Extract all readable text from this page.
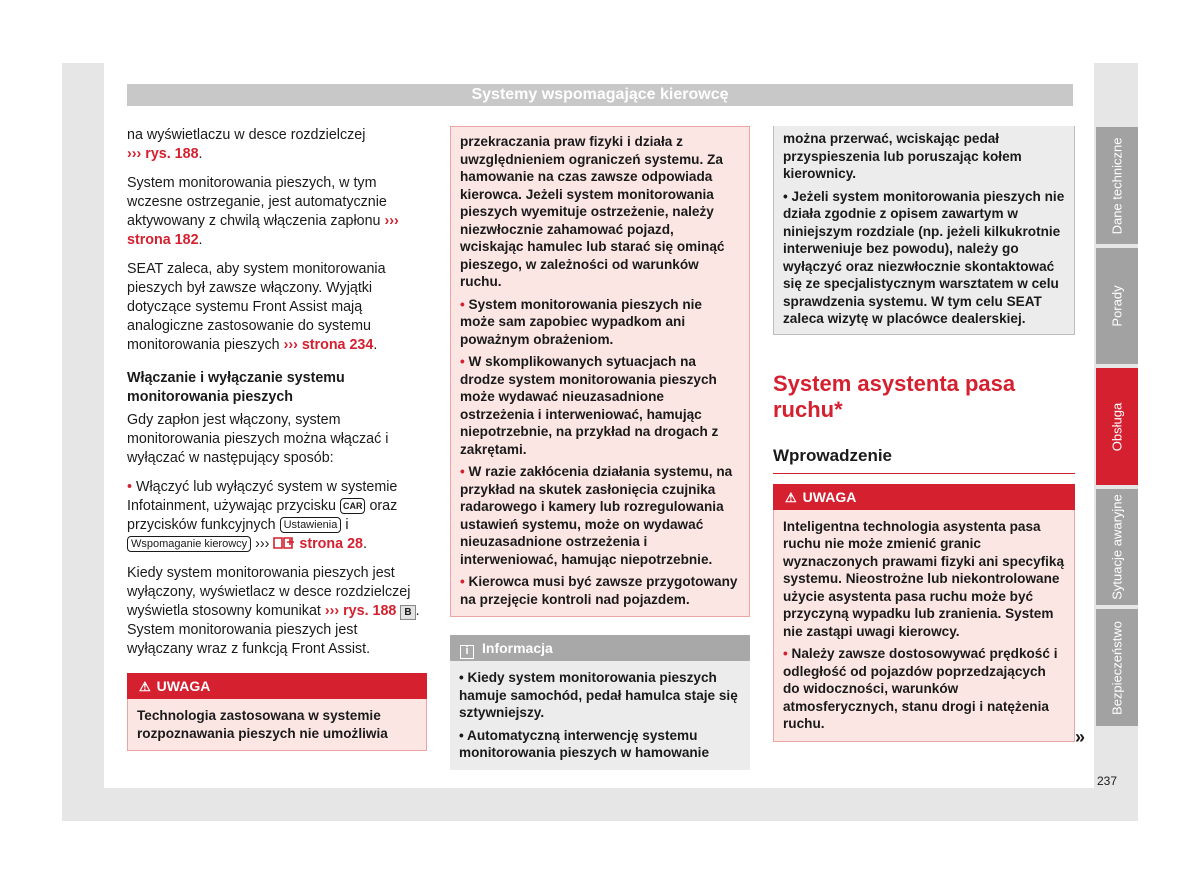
Systemy wspomagające kierowcę
na wyświetlaczu w desce rozdzielczej
››› rys. 188.
System monitorowania pieszych, w tym wczesne ostrzeganie, jest automatycznie aktywowany z chwilą włączenia zapłonu ››› strona 182.
SEAT zaleca, aby system monitorowania pieszych był zawsze włączony. Wyjątki dotyczące systemu Front Assist mają analogiczne zastosowanie do systemu monitorowania pieszych ››› strona 234.
Włączanie i wyłączanie systemu monitorowania pieszych
Gdy zapłon jest włączony, system monitorowania pieszych można włączać i wyłączać w następujący sposób:
• Włączyć lub wyłączyć system w systemie Infotainment, używając przycisku CAR oraz przycisków funkcyjnych Ustawienia i Wspomaganie kierowcy ››› strona 28.
Kiedy system monitorowania pieszych jest wyłączony, wyświetlacz w desce rozdzielczej wyświetla stosowny komunikat ››› rys. 188 B . System monitorowania pieszych jest wyłączany wraz z funkcją Front Assist.
⚠ UWAGA
Technologia zastosowana w systemie rozpoznawania pieszych nie umożliwia
przekraczania praw fizyki i działa z uwzględnieniem ograniczeń systemu. Za hamowanie na czas zawsze odpowiada kierowca. Jeżeli system monitorowania pieszych wyemituje ostrzeżenie, należy niezwłocznie zahamować pojazd, wciskając hamulec lub starać się ominąć pieszego, w zależności od warunków ruchu.
• System monitorowania pieszych nie może sam zapobiec wypadkom ani poważnym obrażeniom.
• W skomplikowanych sytuacjach na drodze system monitorowania pieszych może wydawać nieuzasadnione ostrzeżenia i interweniować, hamując niepotrzebnie, na przykład na drogach z zakrętami.
• W razie zakłócenia działania systemu, na przykład na skutek zasłonięcia czujnika radarowego i kamery lub rozregulowania ustawień systemu, może on wydawać nieuzasadnione ostrzeżenia i interweniować, hamując niepotrzebnie.
• Kierowca musi być zawsze przygotowany na przejęcie kontroli nad pojazdem.
i Informacja
• Kiedy system monitorowania pieszych hamuje samochód, pedał hamulca staje się sztywniejszy.
• Automatyczną interwencję systemu monitorowania pieszych w hamowanie
można przerwać, wciskając pedał przyspieszenia lub poruszając kołem kierownicy.
• Jeżeli system monitorowania pieszych nie działa zgodnie z opisem zawartym w niniejszym rozdziale (np. jeżeli kilkukrotnie interweniuje bez powodu), należy go wyłączyć oraz niezwłocznie skontaktować się ze specjalistycznym warsztatem w celu sprawdzenia systemu. W tym celu SEAT zaleca wizytę w placówce dealerskiej.
System asystenta pasa ruchu*
Wprowadzenie
⚠ UWAGA
Inteligentna technologia asystenta pasa ruchu nie może zmienić granic wyznaczonych prawami fizyki ani specyfiką systemu. Nieostrożne lub niekontrolowane użycie asystenta pasa ruchu może być przyczyną wypadku lub zranienia. System nie zastąpi uwagi kierowcy.
• Należy zawsze dostosowywać prędkość i odległość od pojazdów poprzedzających do widoczności, warunków atmosferycznych, stanu drogi i natężenia ruchu.
»
237
Dane techniczne
Porady
Obsługa
Sytuacje awaryjne
Bezpieczeństwo
